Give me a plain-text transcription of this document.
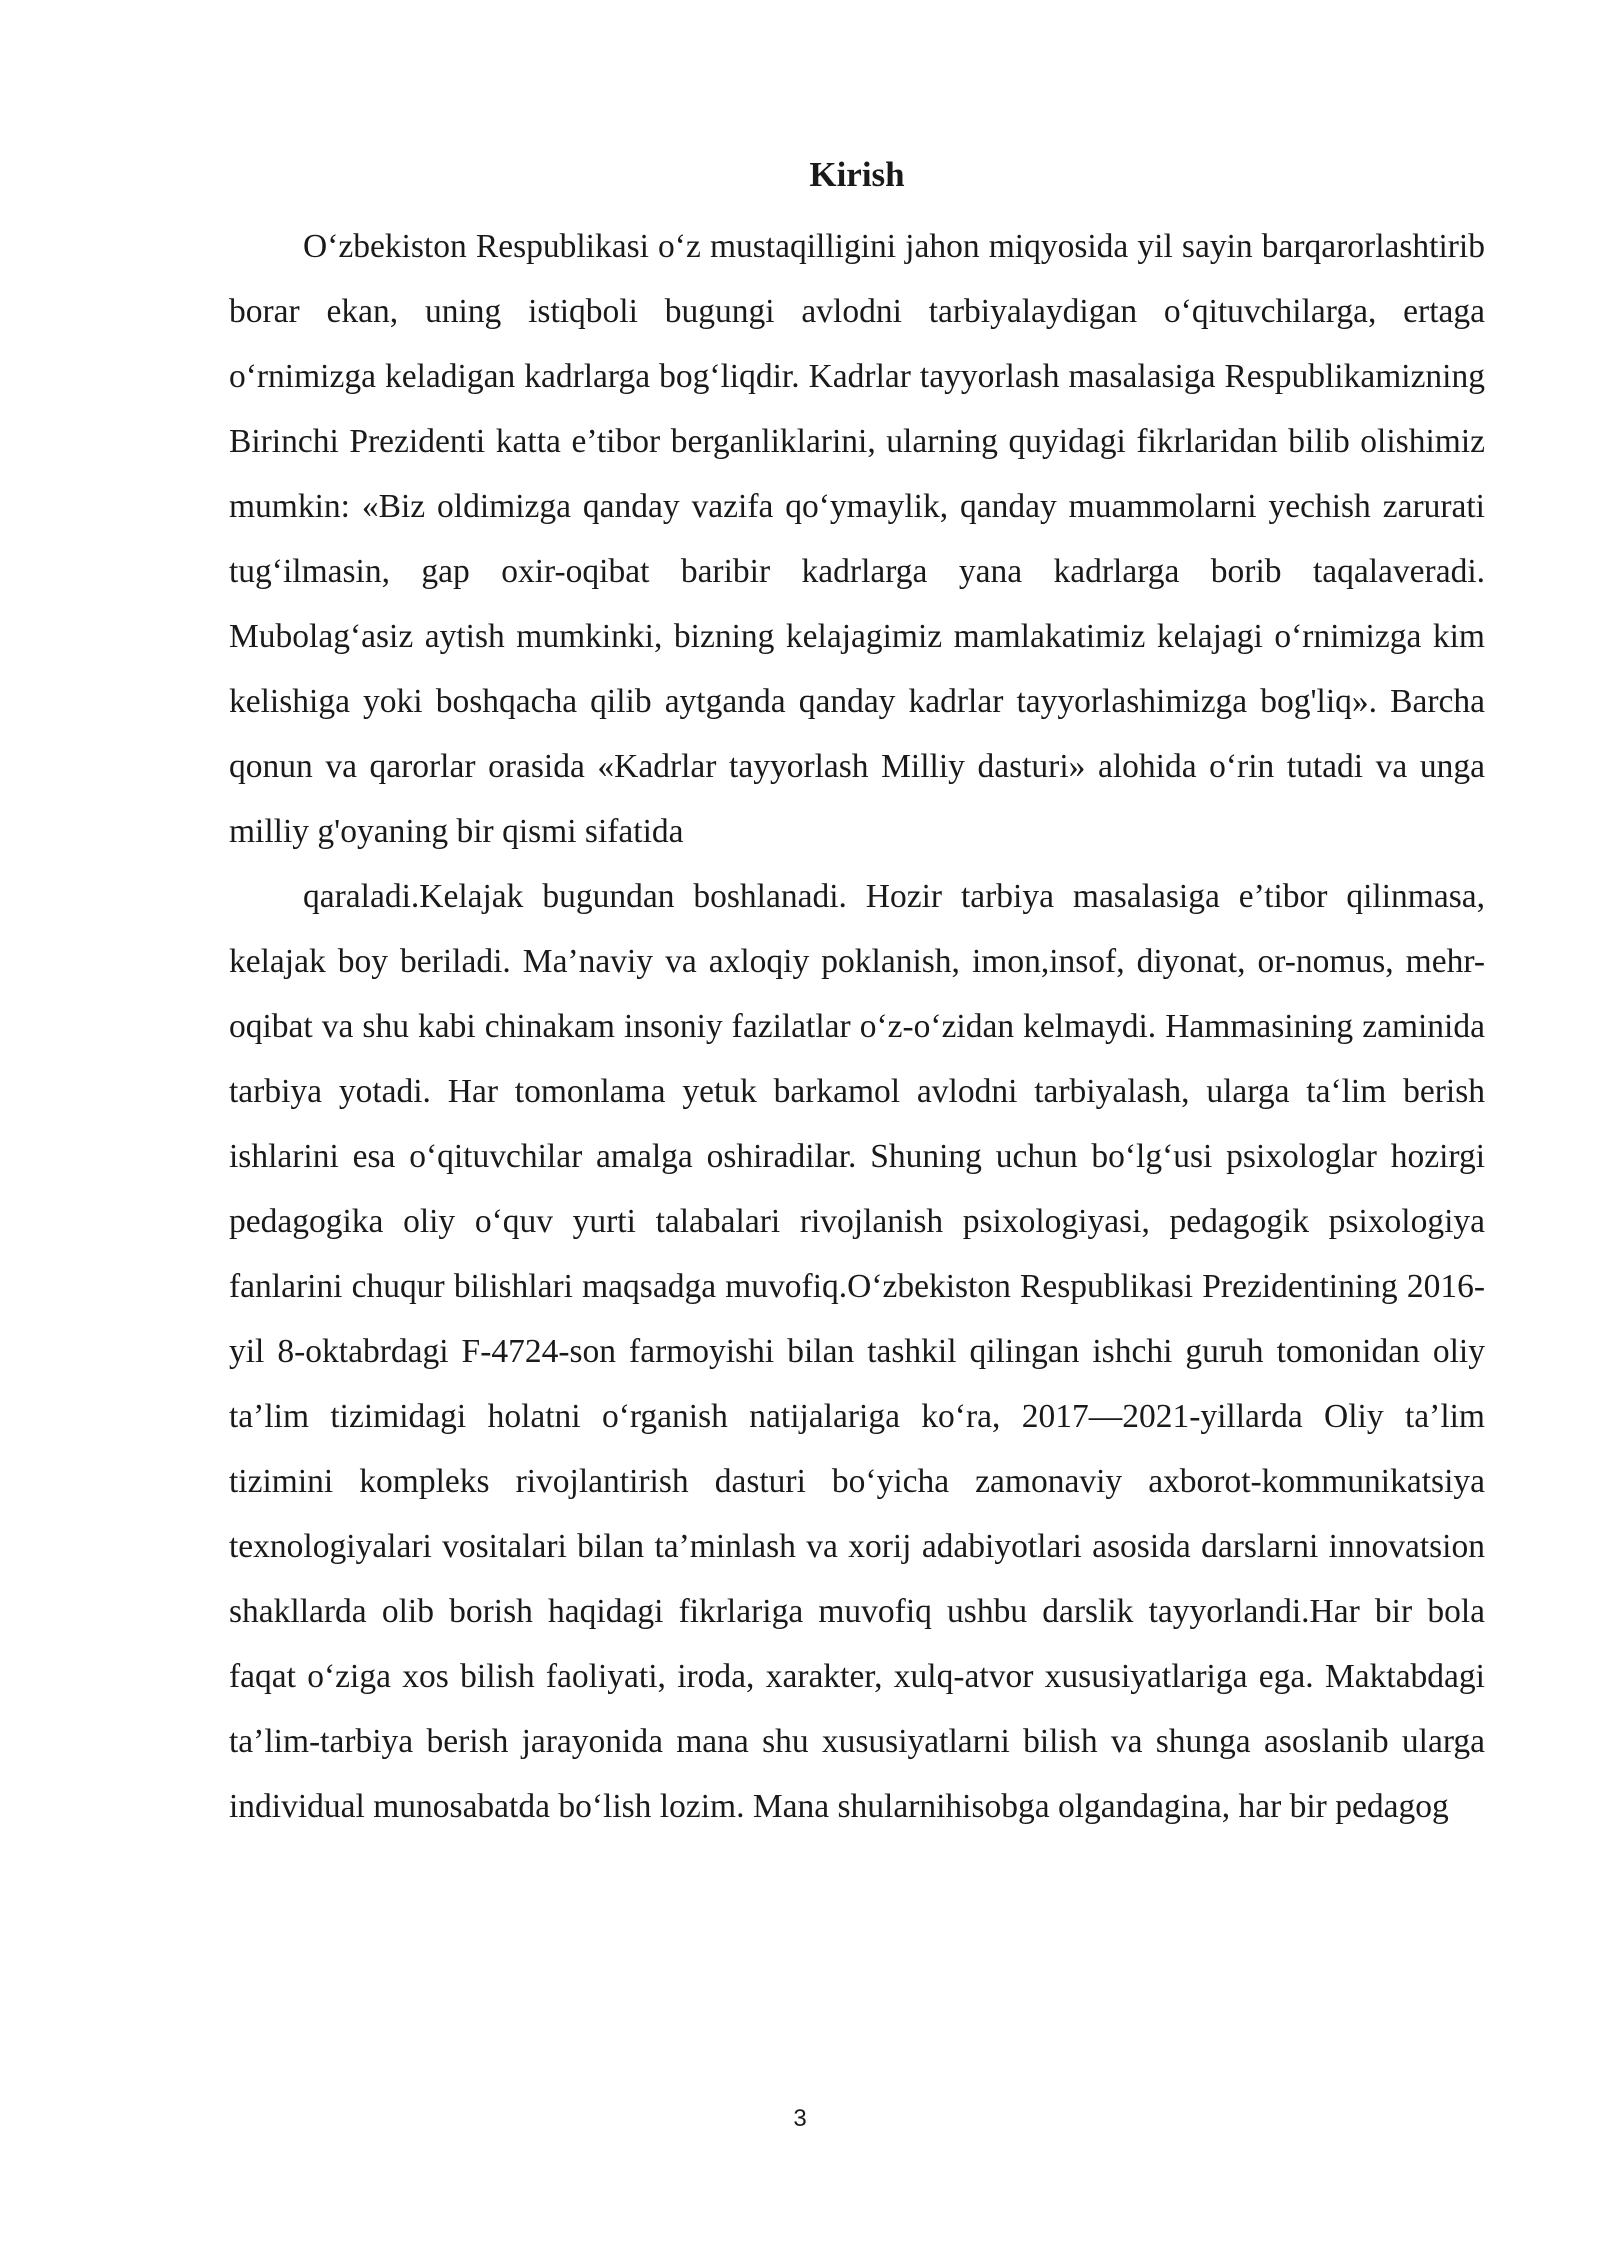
Kirish

O‘zbekiston Respublikasi o‘z mustaqilligini jahon miqyosida yil sayin barqarorlashtirib borar ekan, uning istiqboli bugungi avlodni tarbiyalaydigan o‘qituvchilarga, ertaga o‘rnimizga keladigan kadrlarga bog‘liqdir. Kadrlar tayyorlash masalasiga Respublikamizning Birinchi Prezidenti katta e’tibor berganliklarini, ularning quyidagi fikrlaridan bilib olishimiz mumkin: «Biz oldimizga qanday vazifa qo‘ymaylik, qanday muammolarni yechish zarurati tug‘ilmasin, gap oxir-oqibat baribir kadrlarga yana kadrlarga borib taqalaveradi. Mubolag‘asiz aytish mumkinki, bizning kelajagimiz mamlakatimiz kelajagi o‘rnimizga kim kelishiga yoki boshqacha qilib aytganda qanday kadrlar tayyorlashimizga bog'liq». Barcha qonun va qarorlar orasida «Kadrlar tayyorlash Milliy dasturi» alohida o‘rin tutadi va unga milliy g'oyaning bir qismi sifatida

qaraladi.Kelajak bugundan boshlanadi. Hozir tarbiya masalasiga e’tibor qilinmasa, kelajak boy beriladi. Ma’naviy va axloqiy poklanish, imon,insof, diyonat, or-nomus, mehr-oqibat va shu kabi chinakam insoniy fazilatlar o‘z-o‘zidan kelmaydi. Hammasining zaminida tarbiya yotadi. Har tomonlama yetuk barkamol avlodni tarbiyalash, ularga ta‘lim berish ishlarini esa o‘qituvchilar amalga oshiradilar. Shuning uchun bo‘lg‘usi psixologlar hozirgi pedagogika oliy o‘quv yurti talabalari rivojlanish psixologiyasi, pedagogik psixologiya fanlarini chuqur bilishlari maqsadga muvofiq.O‘zbekiston Respublikasi Prezidentining 2016-yil 8-oktabrdagi F-4724-son farmoyishi bilan tashkil qilingan ishchi guruh tomonidan oliy ta’lim tizimidagi holatni o‘rganish natijalariga ko‘ra, 2017—2021-yillarda Oliy ta’lim tizimini kompleks rivojlantirish dasturi bo‘yicha zamonaviy axborot-kommunikatsiya texnologiyalari vositalari bilan ta’minlash va xorij adabiyotlari asosida darslarni innovatsion shakllarda olib borish haqidagi fikrlariga muvofiq ushbu darslik tayyorlandi.Har bir bola faqat o‘ziga xos bilish faoliyati, iroda, xarakter, xulq-atvor xususiyatlariga ega. Maktabdagi ta’lim-tarbiya berish jarayonida mana shu xususiyatlarni bilish va shunga asoslanib ularga individual munosabatda bo‘lish lozim. Mana shularnihisobga olgandagina, har bir pedagog

3
